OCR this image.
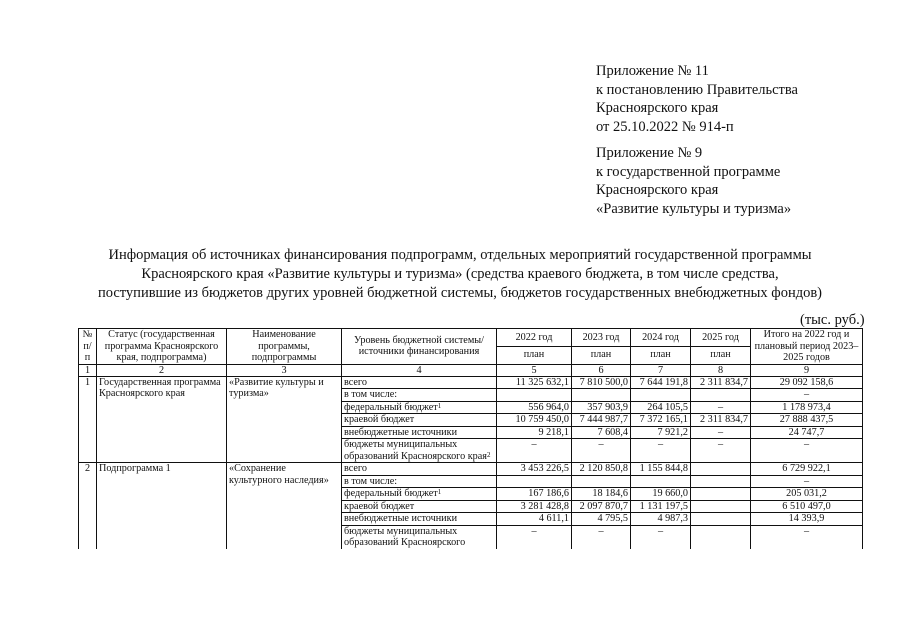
Приложение № 11
к постановлению Правительства
Красноярского края
от 25.10.2022 № 914-п
Приложение № 9
к государственной программе
Красноярского края
«Развитие культуры и туризма»
Информация об источниках финансирования подпрограмм, отдельных мероприятий государственной программы
Красноярского края «Развитие культуры и туризма» (средства краевого бюджета, в том числе средства,
поступившие из бюджетов других уровней бюджетной системы, бюджетов государственных внебюджетных фондов)
(тыс. руб.)
№ п/п	Статус (государственная программа Красноярского края, подпрограмма)	Наименование программы, подпрограммы	Уровень бюджетной системы/источники финансирования	2022 год	2023 год	2024 год	2025 год	Итого на 2022 год и плановый период 2023–2025 годов
				план	план	план	план	
1	2	3	4	5	6	7	8	9
1	Государственная программа Красноярского края	«Развитие культуры и туризма»	всего	11 325 632,1	7 810 500,0	7 644 191,8	2 311 834,7	29 092 158,6
			в том числе:					–
			федеральный бюджет$^1$	556 964,0	357 903,9	264 105,5	–	1 178 973,4
			краевой бюджет	10 759 450,0	7 444 987,7	7 372 165,1	2 311 834,7	27 888 437,5
			внебюджетные источники	9 218,1	7 608,4	7 921,2	–	24 747,7
			бюджеты муниципальных образований Красноярского края$^2$	–	–	–	–	–
2	Подпрограмма 1	«Сохранение культурного наследия»	всего	3 453 226,5	2 120 850,8	1 155 844,8		6 729 922,1
			в том числе:					–
			федеральный бюджет$^1$	167 186,6	18 184,6	19 660,0		205 031,2
			краевой бюджет	3 281 428,8	2 097 870,7	1 131 197,5		6 510 497,0
			внебюджетные источники	4 611,1	4 795,5	4 987,3		14 393,9
			бюджеты муниципальных образований Красноярского	–	–	–		–
